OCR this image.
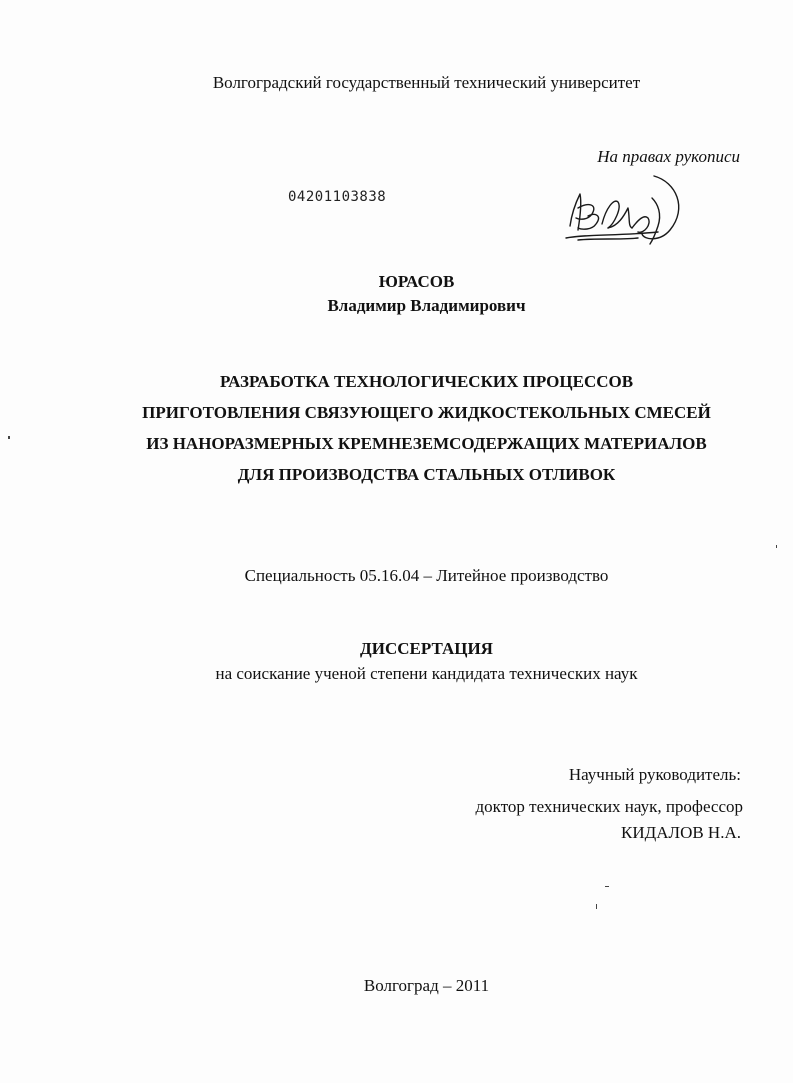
Волгоградский государственный технический университет
На правах рукописи
04201103838
ЮРАСОВ
Владимир Владимирович
РАЗРАБОТКА ТЕХНОЛОГИЧЕСКИХ ПРОЦЕССОВ
ПРИГОТОВЛЕНИЯ СВЯЗУЮЩЕГО ЖИДКОСТЕКОЛЬНЫХ СМЕСЕЙ
ИЗ НАНОРАЗМЕРНЫХ КРЕМНЕЗЕМСОДЕРЖАЩИХ МАТЕРИАЛОВ
ДЛЯ ПРОИЗВОДСТВА СТАЛЬНЫХ ОТЛИВОК
Специальность 05.16.04 – Литейное производство
ДИССЕРТАЦИЯ
на соискание ученой степени кандидата технических наук
Научный руководитель:
доктор технических наук, профессор
КИДАЛОВ Н.А.
Волгоград – 2011
